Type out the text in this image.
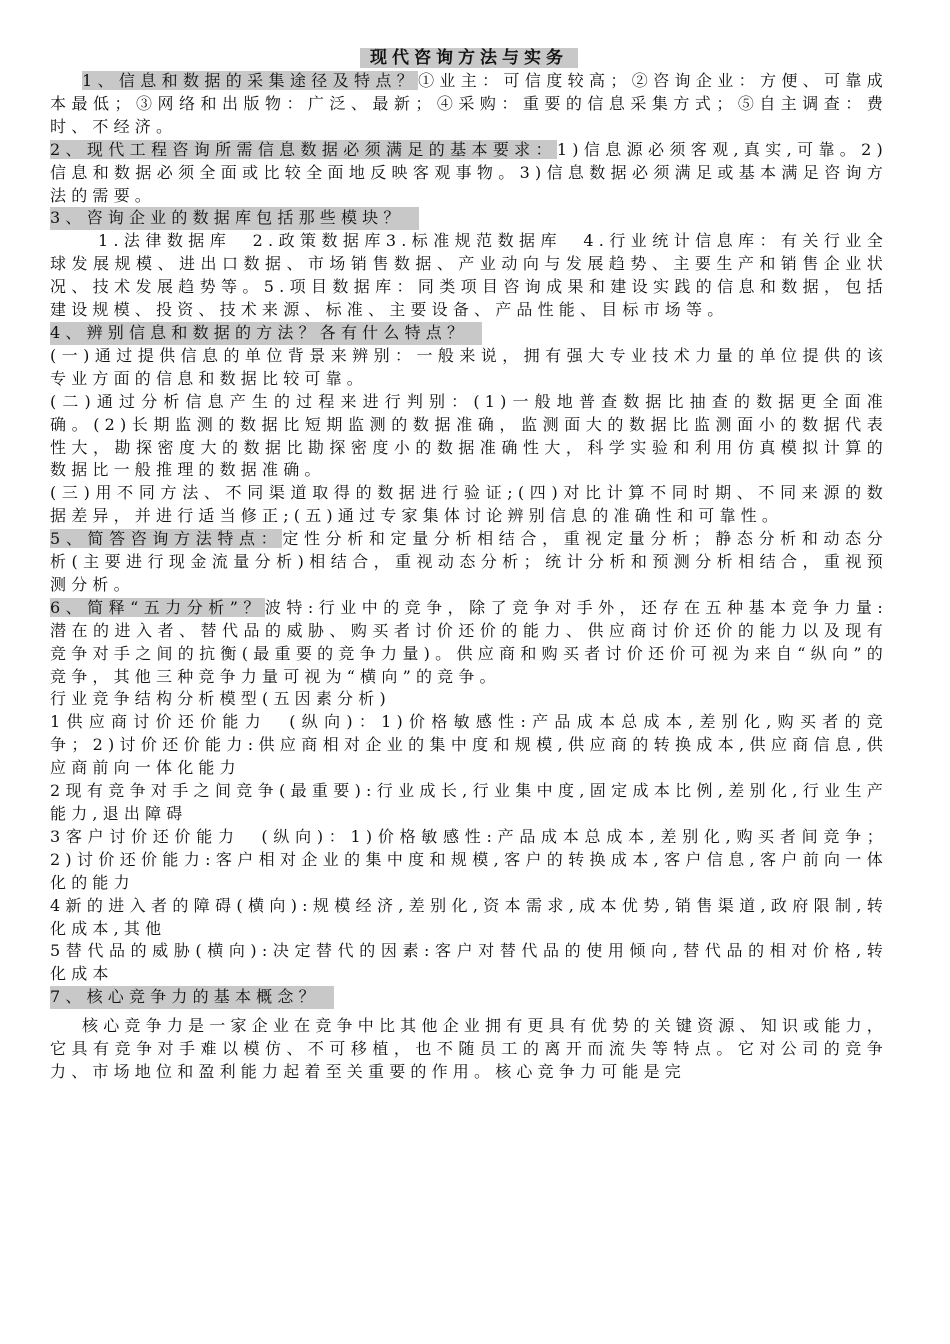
现代咨询方法与实务

1、信息和数据的采集途径及特点？①业主：可信度较高；②咨询企业：方便、可靠成本最低；③网络和出版物：广泛、最新；④采购：重要的信息采集方式；⑤自主调查：费时、不经济。

2、现代工程咨询所需信息数据必须满足的基本要求：1)信息源必须客观,真实,可靠。2)信息和数据必须全面或比较全面地反映客观事物。3)信息数据必须满足或基本满足咨询方法的需要。

3、咨询企业的数据库包括那些模块？

1.法律数据库　2.政策数据库3.标准规范数据库　4.行业统计信息库：有关行业全球发展规模、进出口数据、市场销售数据、产业动向与发展趋势、主要生产和销售企业状况、技术发展趋势等。5.项目数据库：同类项目咨询成果和建设实践的信息和数据，包括建设规模、投资、技术来源、标准、主要设备、产品性能、目标市场等。

4、辨别信息和数据的方法？各有什么特点？

(一)通过提供信息的单位背景来辨别：一般来说，拥有强大专业技术力量的单位提供的该专业方面的信息和数据比较可靠。

(二)通过分析信息产生的过程来进行判别：(1)一般地普查数据比抽查的数据更全面准确。(2)长期监测的数据比短期监测的数据准确，监测面大的数据比监测面小的数据代表性大，勘探密度大的数据比勘探密度小的数据准确性大，科学实验和利用仿真模拟计算的数据比一般推理的数据准确。

(三)用不同方法、不同渠道取得的数据进行验证;(四)对比计算不同时期、不同来源的数据差异，并进行适当修正;(五)通过专家集体讨论辨别信息的准确性和可靠性。

5、简答咨询方法特点：定性分析和定量分析相结合，重视定量分析；静态分析和动态分析(主要进行现金流量分析)相结合，重视动态分析；统计分析和预测分析相结合，重视预测分析。

6、简释“五力分析”？波特:行业中的竞争，除了竞争对手外，还存在五种基本竞争力量:潜在的进入者、替代品的威胁、购买者讨价还价的能力、供应商讨价还价的能力以及现有竞争对手之间的抗衡(最重要的竞争力量)。供应商和购买者讨价还价可视为来自“纵向”的竞争，其他三种竞争力量可视为“横向”的竞争。

行业竞争结构分析模型(五因素分析)

1供应商讨价还价能力　(纵向)：1)价格敏感性:产品成本总成本,差别化,购买者的竞争；2)讨价还价能力:供应商相对企业的集中度和规模,供应商的转换成本,供应商信息,供应商前向一体化能力

2现有竞争对手之间竞争(最重要):行业成长,行业集中度,固定成本比例,差别化,行业生产能力,退出障碍

3客户讨价还价能力　(纵向)：1)价格敏感性:产品成本总成本,差别化,购买者间竞争；2)讨价还价能力:客户相对企业的集中度和规模,客户的转换成本,客户信息,客户前向一体化的能力

4新的进入者的障碍(横向):规模经济,差别化,资本需求,成本优势,销售渠道,政府限制,转化成本,其他

5替代品的威胁(横向):决定替代的因素:客户对替代品的使用倾向,替代品的相对价格,转化成本

7、核心竞争力的基本概念？

核心竞争力是一家企业在竞争中比其他企业拥有更具有优势的关键资源、知识或能力，它具有竞争对手难以模仿、不可移植，也不随员工的离开而流失等特点。它对公司的竞争力、市场地位和盈利能力起着至关重要的作用。核心竞争力可能是完
